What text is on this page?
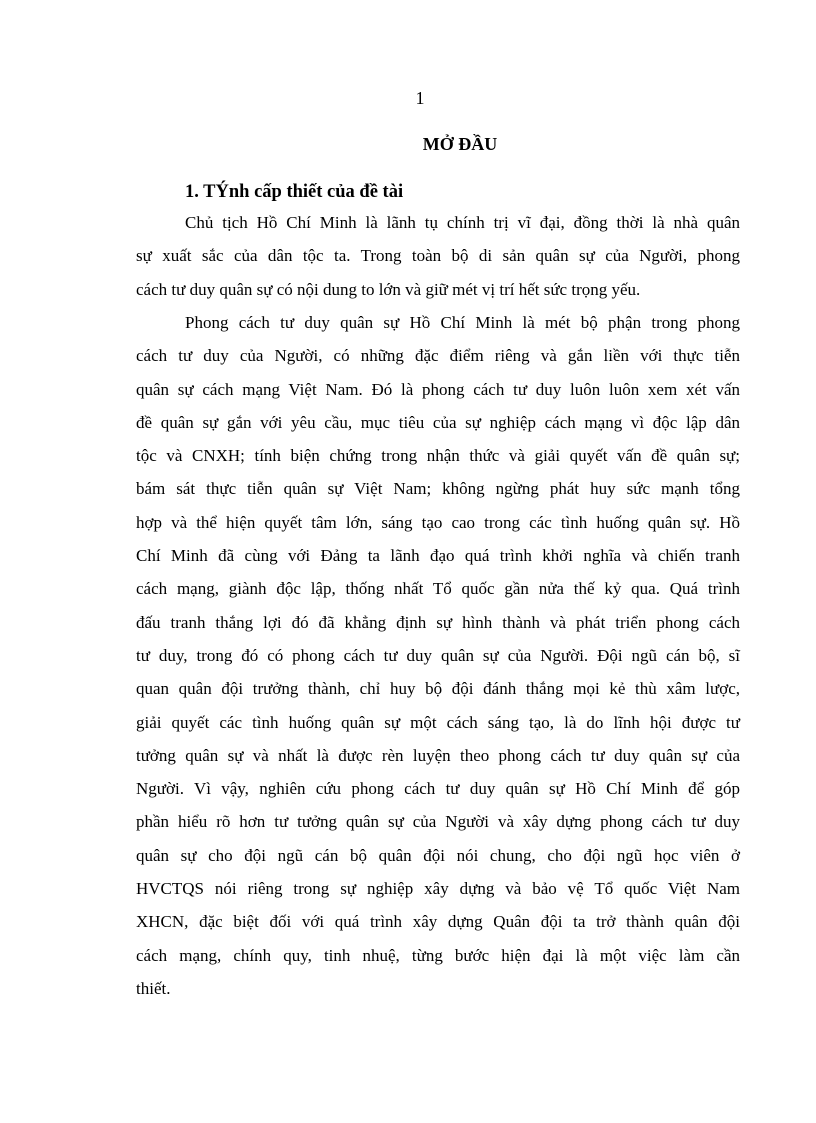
1
MỞ ĐẦU
1. TÝnh cấp thiết của đề tài
Chủ tịch Hồ Chí Minh là lãnh tụ chính trị vĩ đại, đồng thời là nhà quân
sự xuất sắc của dân tộc ta. Trong toàn bộ di sản quân sự của Người, phong
cách tư duy quân sự có nội dung to lớn và giữ mét vị trí hết sức trọng yếu.
Phong cách tư duy quân sự Hồ Chí Minh là mét bộ phận trong phong
cách tư duy của Người, có những đặc điểm riêng và gắn liền với thực tiễn
quân sự cách mạng Việt Nam. Đó là phong cách tư duy luôn luôn xem xét vấn
đề quân sự gắn với yêu cầu, mục tiêu của sự nghiệp cách mạng vì độc lập dân
tộc và CNXH; tính biện chứng trong nhận thức và giải quyết vấn đề quân sự;
bám sát thực tiễn quân sự Việt Nam; không ngừng phát huy sức mạnh tổng
hợp và thể hiện quyết tâm lớn, sáng tạo cao trong các tình huống quân sự. Hồ
Chí Minh đã cùng với Đảng ta lãnh đạo quá trình khởi nghĩa và chiến tranh
cách mạng, giành độc lập, thống nhất Tổ quốc gần nửa thế kỷ qua. Quá trình
đấu tranh thắng lợi đó đã khẳng định sự hình thành và phát triển phong cách
tư duy, trong đó có phong cách tư duy quân sự của Người. Đội ngũ cán bộ, sĩ
quan quân đội trưởng thành, chỉ huy bộ đội đánh thắng mọi kẻ thù xâm lược,
giải quyết các tình huống quân sự một cách sáng tạo, là do lĩnh hội được tư
tưởng quân sự và nhất là được rèn luyện theo phong cách tư duy quân sự của
Người. Vì vậy, nghiên cứu phong cách tư duy quân sự Hồ Chí Minh để góp
phần hiểu rõ hơn tư tưởng quân sự của Người và xây dựng phong cách tư duy
quân sự cho đội ngũ cán bộ quân đội nói chung, cho đội ngũ học viên ở
HVCTQS nói riêng trong sự nghiệp xây dựng và bảo vệ Tổ quốc Việt Nam
XHCN, đặc biệt đối với quá trình xây dựng Quân đội ta trở thành quân đội
cách mạng, chính quy, tinh nhuệ, từng bước hiện đại là một việc làm cần
thiết.
